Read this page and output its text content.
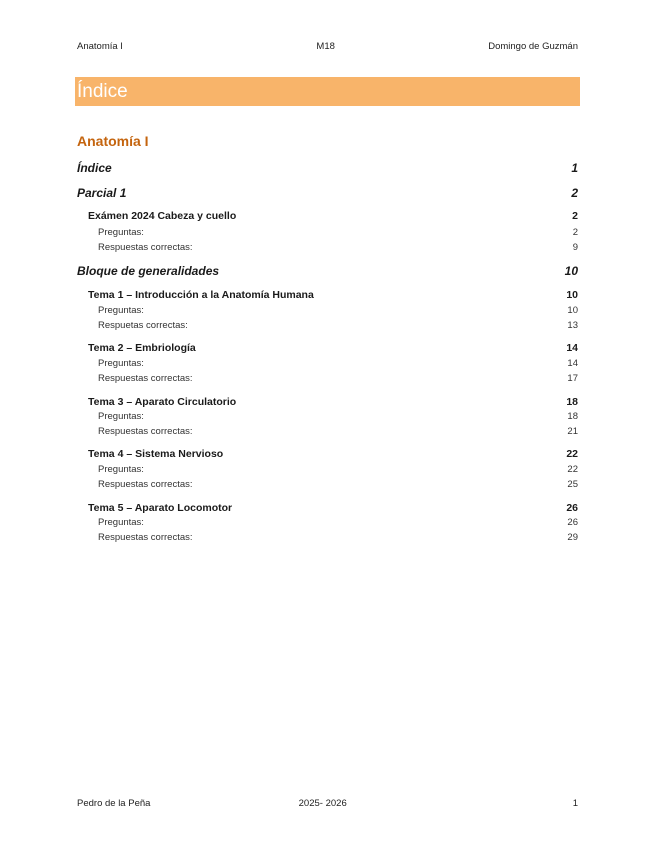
Anatomía I	M18	Domingo de Guzmán
Índice
Anatomía I
Índice	1
Parcial 1	2
Exámen 2024 Cabeza y cuello	2
Preguntas:	2
Respuestas correctas:	9
Bloque de generalidades	10
Tema 1 – Introducción a la Anatomía Humana	10
Preguntas:	10
Respuetas correctas:	13
Tema 2 – Embriología	14
Preguntas:	14
Respuestas correctas:	17
Tema 3 – Aparato Circulatorio	18
Preguntas:	18
Respuestas correctas:	21
Tema 4 – Sistema Nervioso	22
Preguntas:	22
Respuestas correctas:	25
Tema 5 – Aparato Locomotor	26
Preguntas:	26
Respuestas correctas:	29
Pedro de la Peña	2025- 2026	1
